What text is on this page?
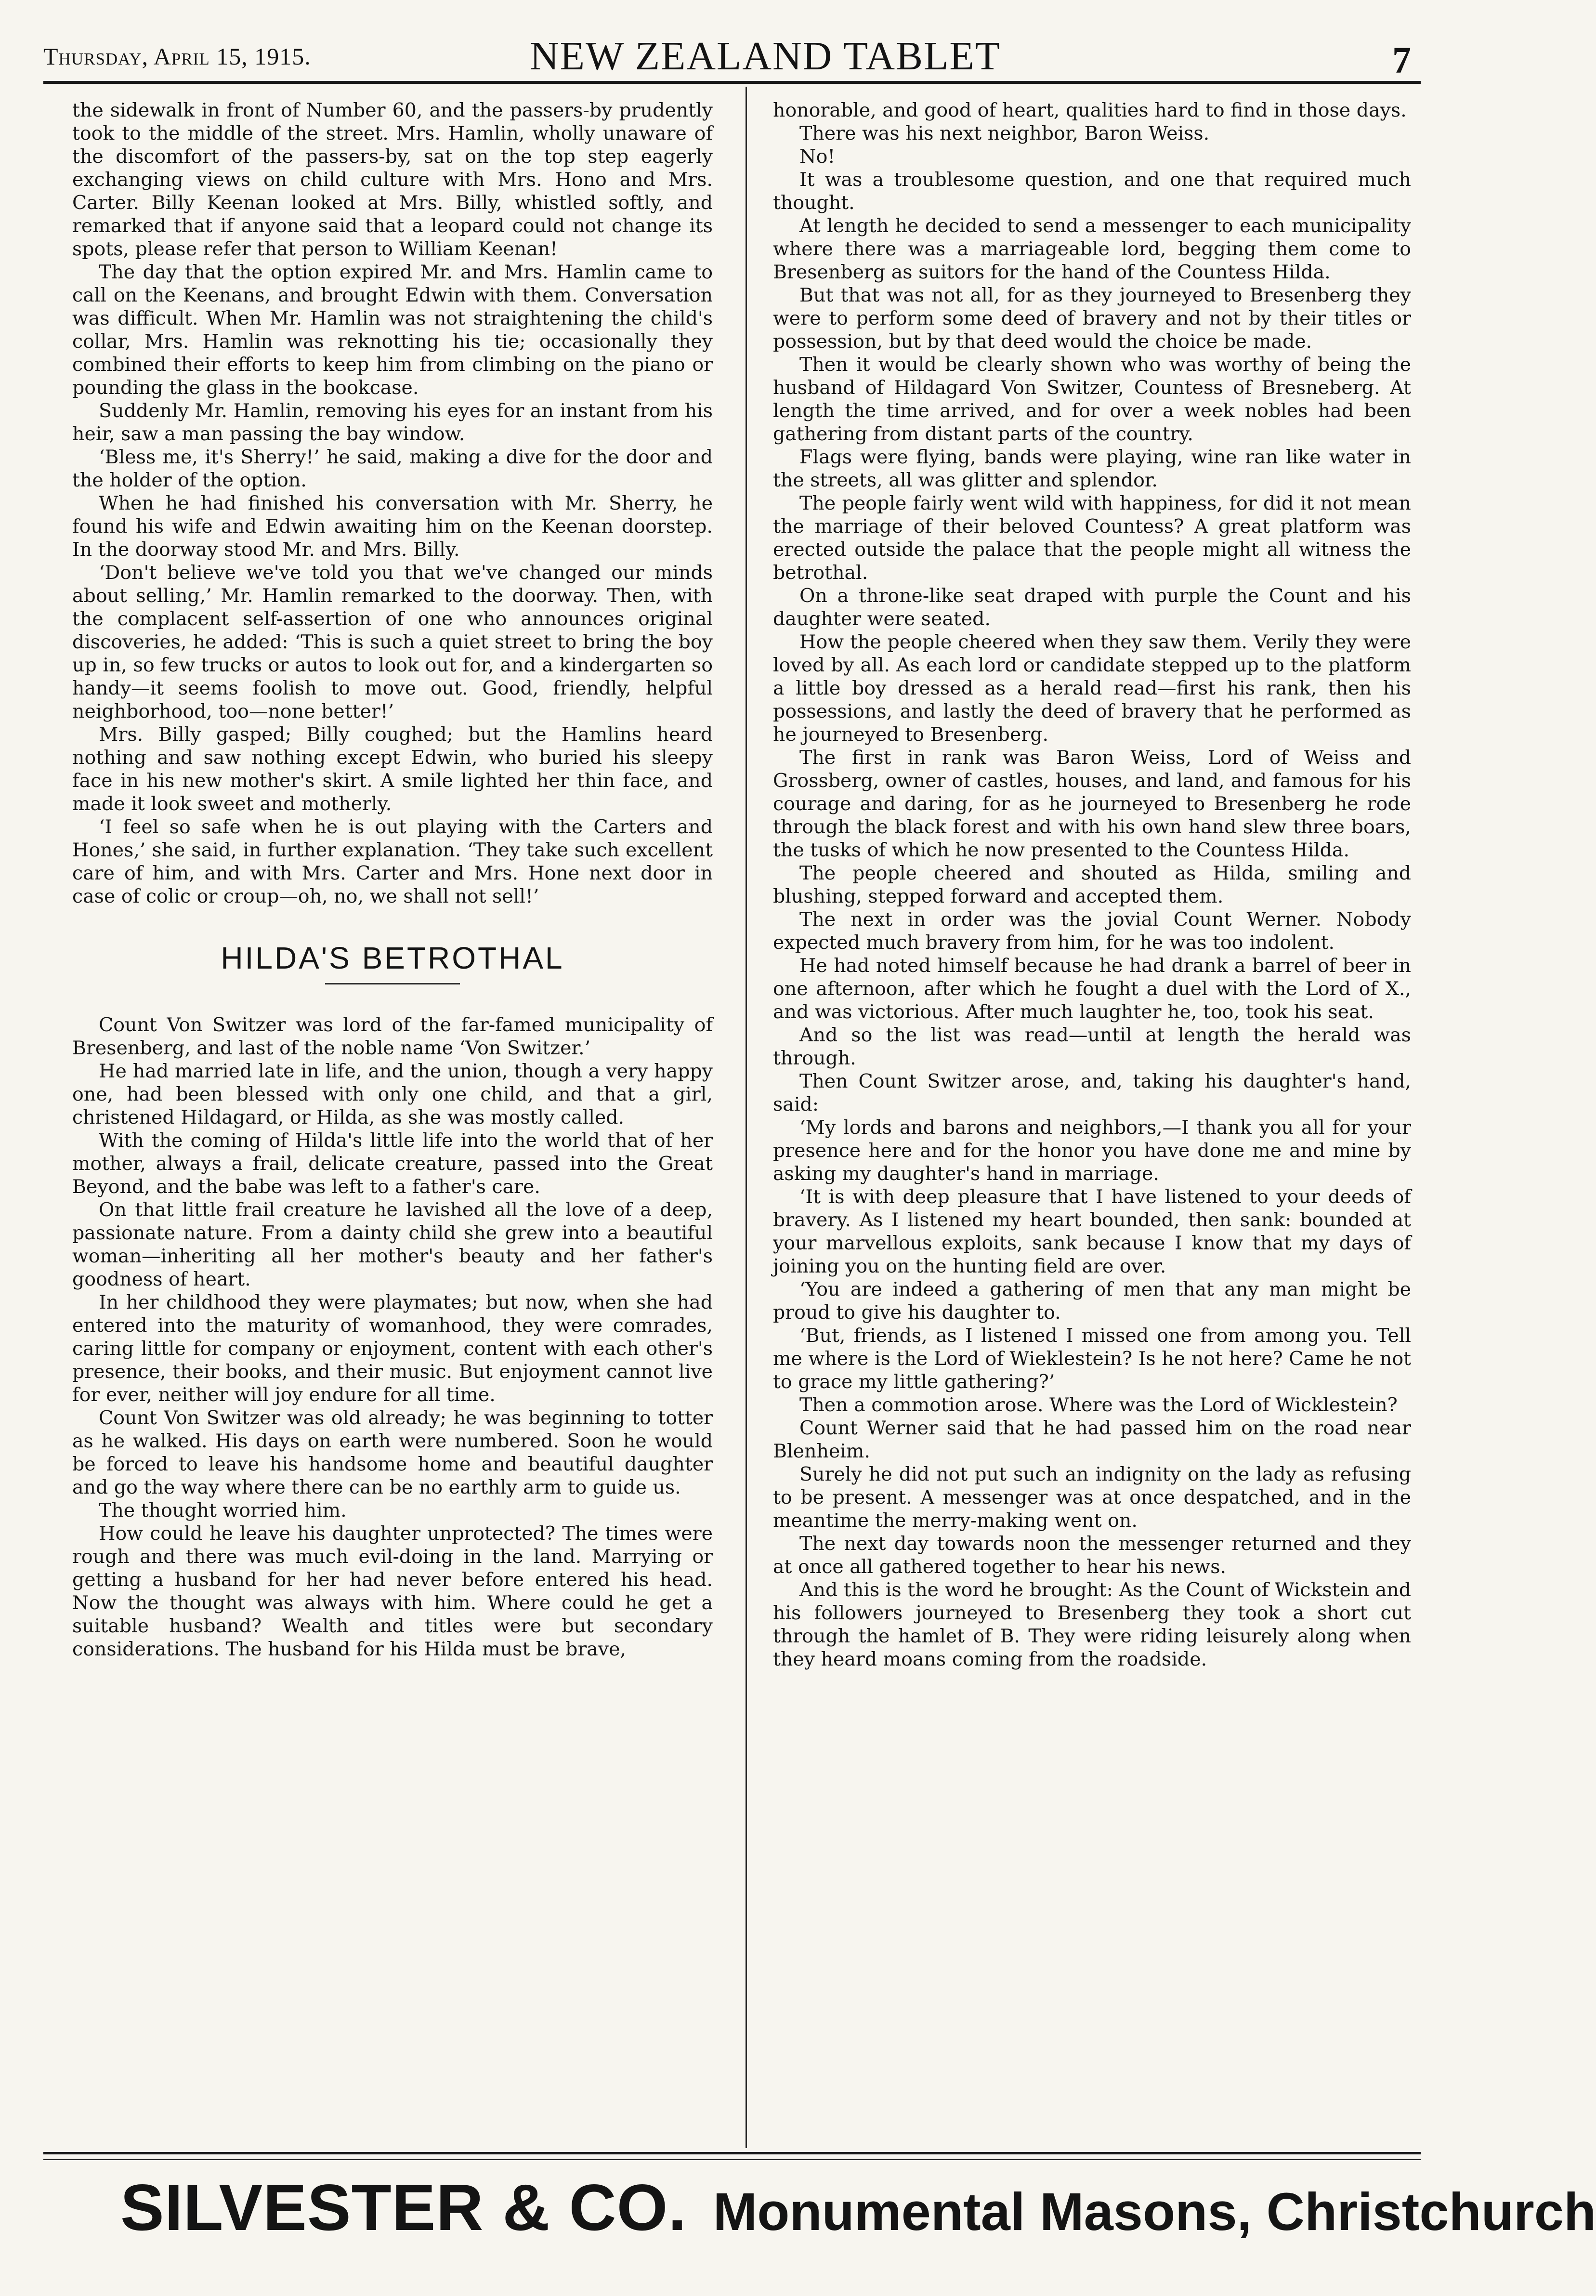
Thursday, April 15, 1915.	NEW ZEALAND TABLET	7

the sidewalk in front of Number 60, and the passers-by prudently took to the middle of the street. Mrs. Hamlin, wholly unaware of the discomfort of the passers-by, sat on the top step eagerly exchanging views on child culture with Mrs. Hono and Mrs. Carter. Billy Keenan looked at Mrs. Billy, whistled softly, and remarked that if anyone said that a leopard could not change its spots, please refer that person to William Keenan!

The day that the option expired Mr. and Mrs. Hamlin came to call on the Keenans, and brought Edwin with them. Conversation was difficult. When Mr. Hamlin was not straightening the child's collar, Mrs. Hamlin was reknotting his tie; occasionally they combined their efforts to keep him from climbing on the piano or pounding the glass in the bookcase.

Suddenly Mr. Hamlin, removing his eyes for an instant from his heir, saw a man passing the bay window.

‘Bless me, it's Sherry!’ he said, making a dive for the door and the holder of the option.

When he had finished his conversation with Mr. Sherry, he found his wife and Edwin awaiting him on the Keenan doorstep. In the doorway stood Mr. and Mrs. Billy.

‘Don't believe we've told you that we've changed our minds about selling,’ Mr. Hamlin remarked to the doorway. Then, with the complacent self-assertion of one who announces original discoveries, he added: ‘This is such a quiet street to bring the boy up in, so few trucks or autos to look out for, and a kindergarten so handy—it seems foolish to move out. Good, friendly, helpful neighborhood, too—none better!’

Mrs. Billy gasped; Billy coughed; but the Hamlins heard nothing and saw nothing except Edwin, who buried his sleepy face in his new mother's skirt. A smile lighted her thin face, and made it look sweet and motherly.

‘I feel so safe when he is out playing with the Carters and Hones,’ she said, in further explanation. ‘They take such excellent care of him, and with Mrs. Carter and Mrs. Hone next door in case of colic or croup—oh, no, we shall not sell!’

HILDA'S BETROTHAL

Count Von Switzer was lord of the far-famed municipality of Bresenberg, and last of the noble name ‘Von Switzer.’

He had married late in life, and the union, though a very happy one, had been blessed with only one child, and that a girl, christened Hildagard, or Hilda, as she was mostly called.

With the coming of Hilda's little life into the world that of her mother, always a frail, delicate creature, passed into the Great Beyond, and the babe was left to a father's care.

On that little frail creature he lavished all the love of a deep, passionate nature. From a dainty child she grew into a beautiful woman—inheriting all her mother's beauty and her father's goodness of heart.

In her childhood they were playmates; but now, when she had entered into the maturity of womanhood, they were comrades, caring little for company or enjoyment, content with each other's presence, their books, and their music. But enjoyment cannot live for ever, neither will joy endure for all time.

Count Von Switzer was old already; he was beginning to totter as he walked. His days on earth were numbered. Soon he would be forced to leave his handsome home and beautiful daughter and go the way where there can be no earthly arm to guide us.

The thought worried him.

How could he leave his daughter unprotected? The times were rough and there was much evil-doing in the land. Marrying or getting a husband for her had never before entered his head. Now the thought was always with him. Where could he get a suitable husband? Wealth and titles were but secondary considerations. The husband for his Hilda must be brave,

honorable, and good of heart, qualities hard to find in those days.

There was his next neighbor, Baron Weiss.

No!

It was a troublesome question, and one that required much thought.

At length he decided to send a messenger to each municipality where there was a marriageable lord, begging them come to Bresenberg as suitors for the hand of the Countess Hilda.

But that was not all, for as they journeyed to Bresenberg they were to perform some deed of bravery and not by their titles or possession, but by that deed would the choice be made.

Then it would be clearly shown who was worthy of being the husband of Hildagard Von Switzer, Countess of Bresneberg. At length the time arrived, and for over a week nobles had been gathering from distant parts of the country.

Flags were flying, bands were playing, wine ran like water in the streets, all was glitter and splendor.

The people fairly went wild with happiness, for did it not mean the marriage of their beloved Countess? A great platform was erected outside the palace that the people might all witness the betrothal.

On a throne-like seat draped with purple the Count and his daughter were seated.

How the people cheered when they saw them. Verily they were loved by all. As each lord or candidate stepped up to the platform a little boy dressed as a herald read—first his rank, then his possessions, and lastly the deed of bravery that he performed as he journeyed to Bresenberg.

The first in rank was Baron Weiss, Lord of Weiss and Grossberg, owner of castles, houses, and land, and famous for his courage and daring, for as he journeyed to Bresenberg he rode through the black forest and with his own hand slew three boars, the tusks of which he now presented to the Countess Hilda.

The people cheered and shouted as Hilda, smiling and blushing, stepped forward and accepted them.

The next in order was the jovial Count Werner. Nobody expected much bravery from him, for he was too indolent.

He had noted himself because he had drank a barrel of beer in one afternoon, after which he fought a duel with the Lord of X., and was victorious. After much laughter he, too, took his seat.

And so the list was read—until at length the herald was through.

Then Count Switzer arose, and, taking his daughter's hand, said:

‘My lords and barons and neighbors,—I thank you all for your presence here and for the honor you have done me and mine by asking my daughter's hand in marriage.

‘It is with deep pleasure that I have listened to your deeds of bravery. As I listened my heart bounded, then sank: bounded at your marvellous exploits, sank because I know that my days of joining you on the hunting field are over.

‘You are indeed a gathering of men that any man might be proud to give his daughter to.

‘But, friends, as I listened I missed one from among you. Tell me where is the Lord of Wieklestein? Is he not here? Came he not to grace my little gathering?’

Then a commotion arose. Where was the Lord of Wicklestein?

Count Werner said that he had passed him on the road near Blenheim.

Surely he did not put such an indignity on the lady as refusing to be present. A messenger was at once despatched, and in the meantime the merry-making went on.

The next day towards noon the messenger returned and they at once all gathered together to hear his news.

And this is the word he brought: As the Count of Wickstein and his followers journeyed to Bresenberg they took a short cut through the hamlet of B. They were riding leisurely along when they heard moans coming from the roadside.

SILVESTER & CO. Monumental Masons, Christchurch
